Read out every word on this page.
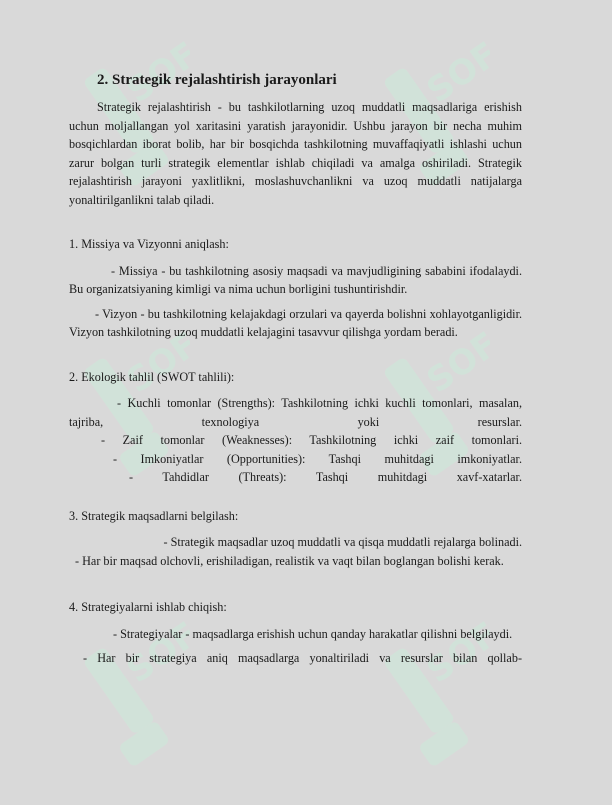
SOFF	SOFF
SOFF	SOFF
SOFF	SOFF
2. Strategik rejalashtirish jarayonlari

Strategik rejalashtirish - bu tashkilotlarning uzoq muddatli maqsadlariga erishish uchun moljallangan yol xaritasini yaratish jarayonidir. Ushbu jarayon bir necha muhim bosqichlardan iborat bolib, har bir bosqichda tashkilotning muvaffaqiyatli ishlashi uchun zarur bolgan turli strategik elementlar ishlab chiqiladi va amalga oshiriladi. Strategik rejalashtirish jarayoni yaxlitlikni, moslashuvchanlikni va uzoq muddatli natijalarga yonaltirilganlikni talab qiladi.

1. Missiya va Vizyonni aniqlash:

- Missiya - bu tashkilotning asosiy maqsadi va mavjudligining sababini ifodalaydi. Bu organizatsiyaning kimligi va nima uchun borligini tushuntirishdir.

- Vizyon - bu tashkilotning kelajakdagi orzulari va qayerda bolishni xohlayotganligidir. Vizyon tashkilotning uzoq muddatli kelajagini tasavvur qilishga yordam beradi.

2. Ekologik tahlil (SWOT tahlili):

- Kuchli tomonlar (Strengths): Tashkilotning ichki kuchli tomonlari, masalan, tajriba, texnologiya yoki resurslar.

- Zaif tomonlar (Weaknesses): Tashkilotning ichki zaif tomonlari.

- Imkoniyatlar (Opportunities): Tashqi muhitdagi imkoniyatlar.

- Tahdidlar (Threats): Tashqi muhitdagi xavf-xatarlar.

3. Strategik maqsadlarni belgilash:

- Strategik maqsadlar uzoq muddatli va qisqa muddatli rejalarga bolinadi.

- Har bir maqsad olchovli, erishiladigan, realistik va vaqt bilan boglangan bolishi kerak.

4. Strategiyalarni ishlab chiqish:

- Strategiyalar - maqsadlarga erishish uchun qanday harakatlar qilishni belgilaydi.

- Har bir strategiya aniq maqsadlarga yonaltiriladi va resurslar bilan qollab-
